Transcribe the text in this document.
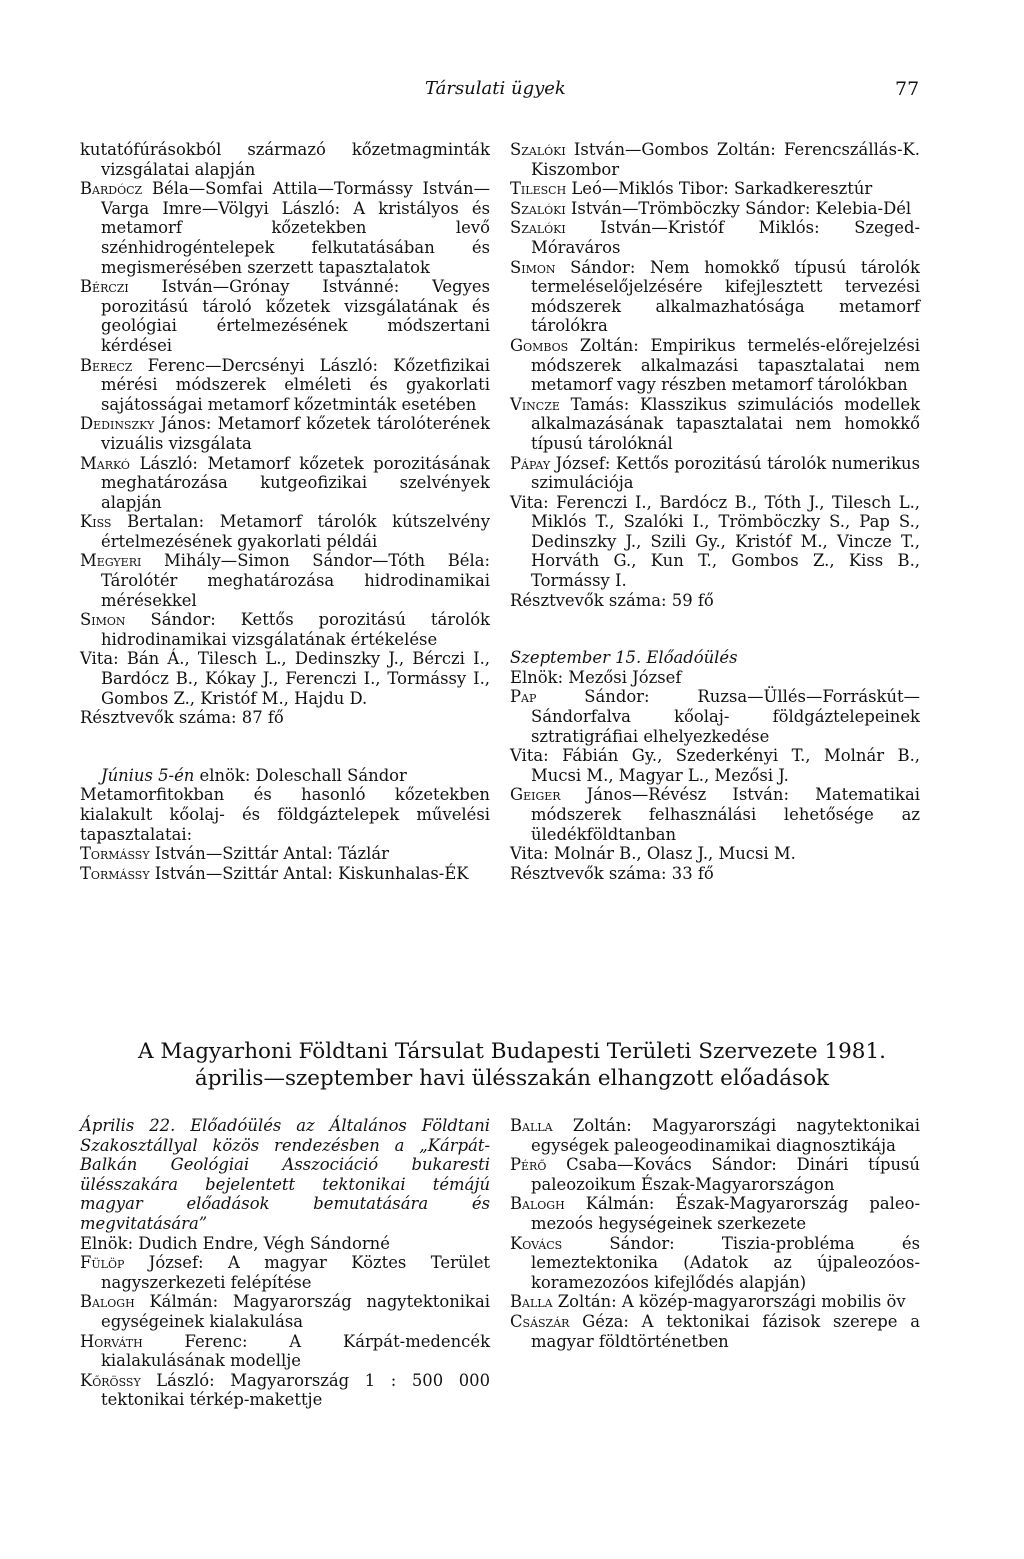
Társulati ügyek	77

kutatófúrásokból származó kőzetmagminták vizsgálatai alapján

Bardócz Béla—Somfai Attila—Tormássy István—Varga Imre—Völgyi László: A kristályos és metamorf kőzetekben levő szénhidrogéntelepek felkutatásában és megismerésében szerzett tapasztalatok

Bérczi István—Grónay Istvánné: Vegyes porozitású tároló kőzetek vizsgálatának és geológiai értelmezésének módszertani kérdései

Berecz Ferenc—Dercsényi László: Kőzetfizikai mérési módszerek elméleti és gyakorlati sajátosságai metamorf kőzetminták esetében

Dedinszky János: Metamorf kőzetek tárolóterének vizuális vizsgálata

Markó László: Metamorf kőzetek porozitásának meghatározása kutgeofizikai szelvények alapján

Kiss Bertalan: Metamorf tárolók kútszelvény értelmezésének gyakorlati példái

Megyeri Mihály—Simon Sándor—Tóth Béla: Tárolótér meghatározása hidrodinamikai mérésekkel

Simon Sándor: Kettős porozitású tárolók hidrodinamikai vizsgálatának értékelése

Vita: Bán Á., Tilesch L., Dedinszky J., Bérczi I., Bardócz B., Kókay J., Ferenczi I., Tormássy I., Gombos Z., Kristóf M., Hajdu D.

Résztvevők száma: 87 fő

Június 5-én elnök: Doleschall Sándor

Metamorfitokban és hasonló kőzetekben kialakult kőolaj- és földgáztelepek művelési tapasztalatai:

Tormássy István—Szittár Antal: Tázlár

Tormássy István—Szittár Antal: Kiskunhalas-ÉK

Szalóki István—Gombos Zoltán: Ferencszállás-K. Kiszombor

Tilesch Leó—Miklós Tibor: Sarkadkeresztúr

Szalóki István—Trömböczky Sándor: Kelebia-Dél

Szalóki István—Kristóf Miklós: Szeged-Móraváros

Simon Sándor: Nem homokkő típusú tárolók termeléselőjelzésére kifejlesztett tervezési módszerek alkalmazhatósága metamorf tárolókra

Gombos Zoltán: Empirikus termelés-előrejelzési módszerek alkalmazási tapasztalatai nem metamorf vagy részben metamorf tárolókban

Vincze Tamás: Klasszikus szimulációs modellek alkalmazásának tapasztalatai nem homokkő típusú tárolóknál

Pápay József: Kettős porozitású tárolók numerikus szimulációja

Vita: Ferenczi I., Bardócz B., Tóth J., Tilesch L., Miklós T., Szalóki I., Trömböczky S., Pap S., Dedinszky J., Szili Gy., Kristóf M., Vincze T., Horváth G., Kun T., Gombos Z., Kiss B., Tormássy I.

Résztvevők száma: 59 fő

Szeptember 15. Előadóülés

Elnök: Mezősi József

Pap Sándor: Ruzsa—Üllés—Forráskút—Sándorfalva kőolaj- földgáztelepeinek sztratigráfiai elhelyezkedése

Vita: Fábián Gy., Szederkényi T., Molnár B., Mucsi M., Magyar L., Mezősi J.

Geiger János—Révész István: Matematikai módszerek felhasználási lehetősége az üledékföldtanban

Vita: Molnár B., Olasz J., Mucsi M.

Résztvevők száma: 33 fő

A Magyarhoni Földtani Társulat Budapesti Területi Szervezete 1981.
április—szeptember havi ülésszakán elhangzott előadások

Április 22. Előadóülés az Általános Földtani Szakosztállyal közös rendezésben a „Kárpát-Balkán Geológiai Asszociáció bukaresti ülésszakára bejelentett tektonikai témájú magyar előadások bemutatására és megvitatására”

Elnök: Dudich Endre, Végh Sándorné

Fülöp József: A magyar Köztes Terület nagyszerkezeti felépítése

Balogh Kálmán: Magyarország nagytektonikai egységeinek kialakulása

Horváth Ferenc: A Kárpát-medencék kialakulásának modellje

Kőrössy László: Magyarország 1 : 500 000 tektonikai térkép-makettje

Balla Zoltán: Magyarországi nagytektonikai egységek paleogeodinamikai diagnosztikája

Pérő Csaba—Kovács Sándor: Dinári típusú paleozoikum Észak-Magyarországon

Balogh Kálmán: Észak-Magyarország paleo-mezoós hegységeinek szerkezete

Kovács Sándor: Tiszia-probléma és lemeztektonika (Adatok az újpaleozóos-koramezozóos kifejlődés alapján)

Balla Zoltán: A közép-magyarországi mobilis öv

Császár Géza: A tektonikai fázisok szerepe a magyar földtörténetben
